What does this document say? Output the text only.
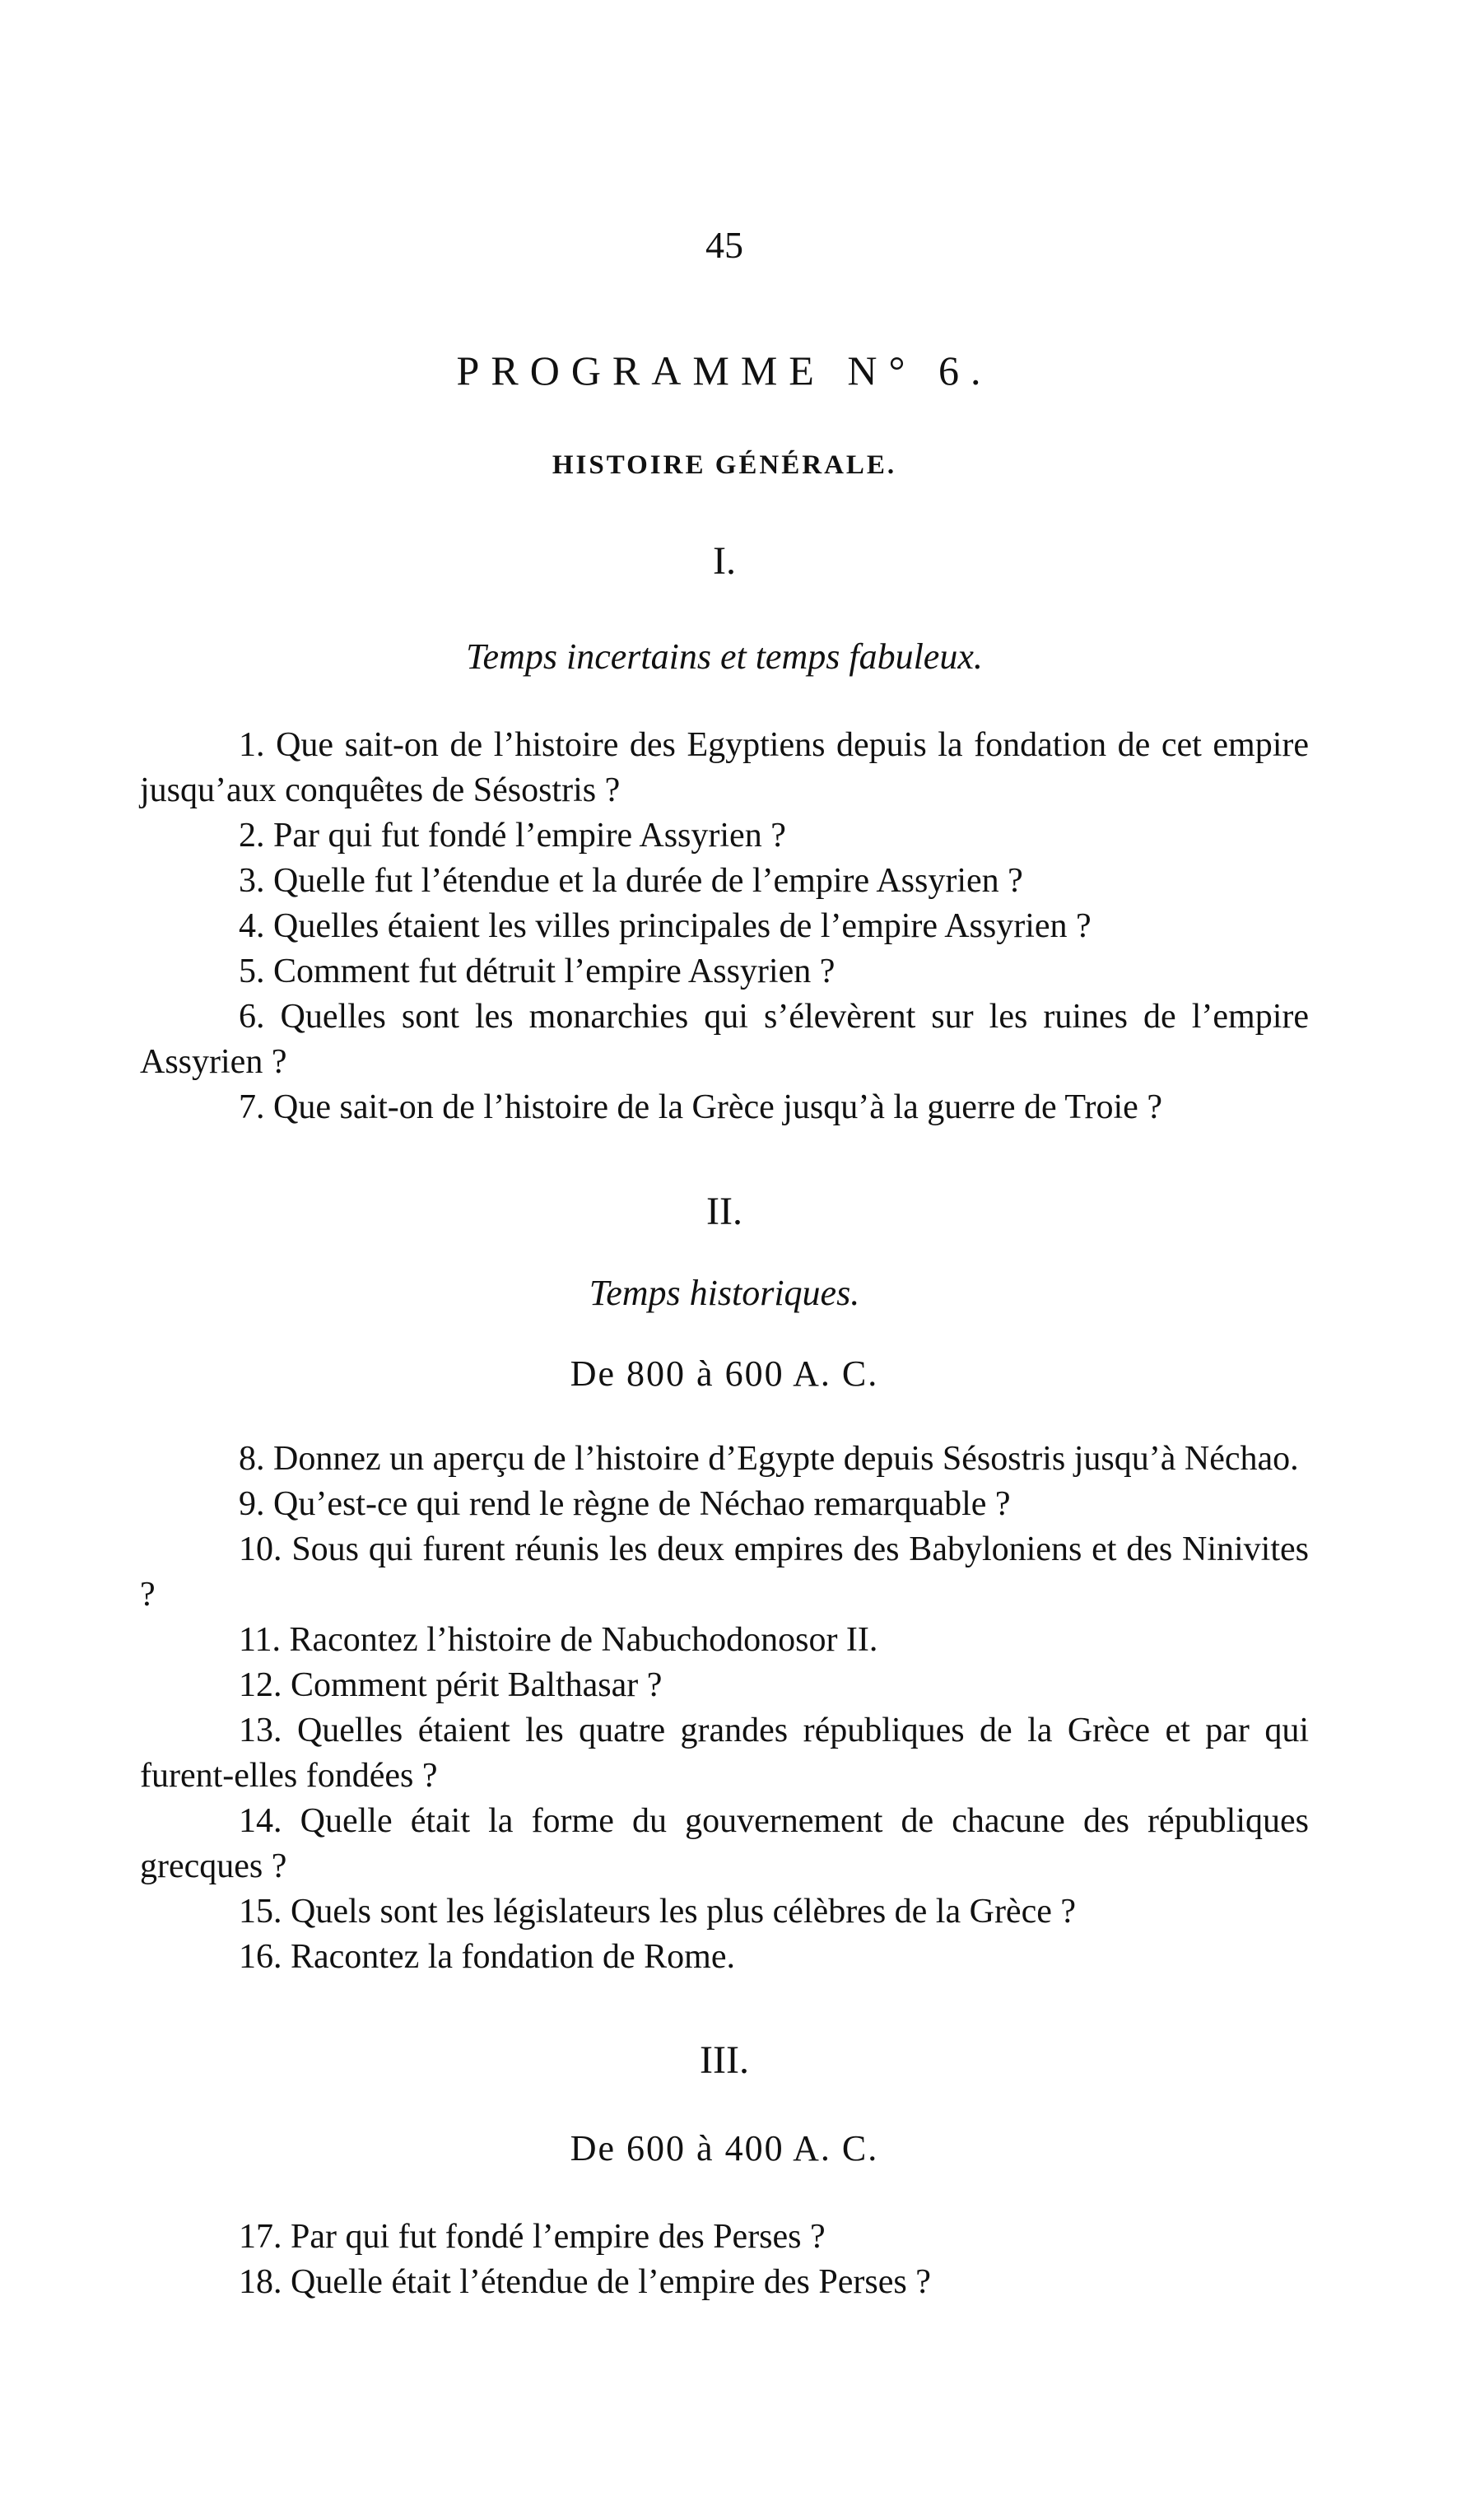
45
PROGRAMME N° 6.
HISTOIRE GÉNÉRALE.
I.
Temps incertains et temps fabuleux.

1. Que sait-on de l’histoire des Egyptiens depuis la fondation de cet empire jusqu’aux conquêtes de Sésostris ?

2. Par qui fut fondé l’empire Assyrien ?

3. Quelle fut l’étendue et la durée de l’empire Assyrien ?

4. Quelles étaient les villes principales de l’empire Assyrien ?

5. Comment fut détruit l’empire Assyrien ?

6. Quelles sont les monarchies qui s’élevèrent sur les ruines de l’empire Assyrien ?

7. Que sait-on de l’histoire de la Grèce jusqu’à la guerre de Troie ?

II.
Temps historiques.
De 800 à 600 A. C.

8. Donnez un aperçu de l’histoire d’Egypte depuis Sésostris jusqu’à Néchao.

9. Qu’est-ce qui rend le règne de Néchao remarquable ?

10. Sous qui furent réunis les deux empires des Babyloniens et des Ninivites ?

11. Racontez l’histoire de Nabuchodonosor II.

12. Comment périt Balthasar ?

13. Quelles étaient les quatre grandes républiques de la Grèce et par qui furent-elles fondées ?

14. Quelle était la forme du gouvernement de chacune des républiques grecques ?

15. Quels sont les législateurs les plus célèbres de la Grèce ?

16. Racontez la fondation de Rome.

III.
De 600 à 400 A. C.

17. Par qui fut fondé l’empire des Perses ?

18. Quelle était l’étendue de l’empire des Perses ?
